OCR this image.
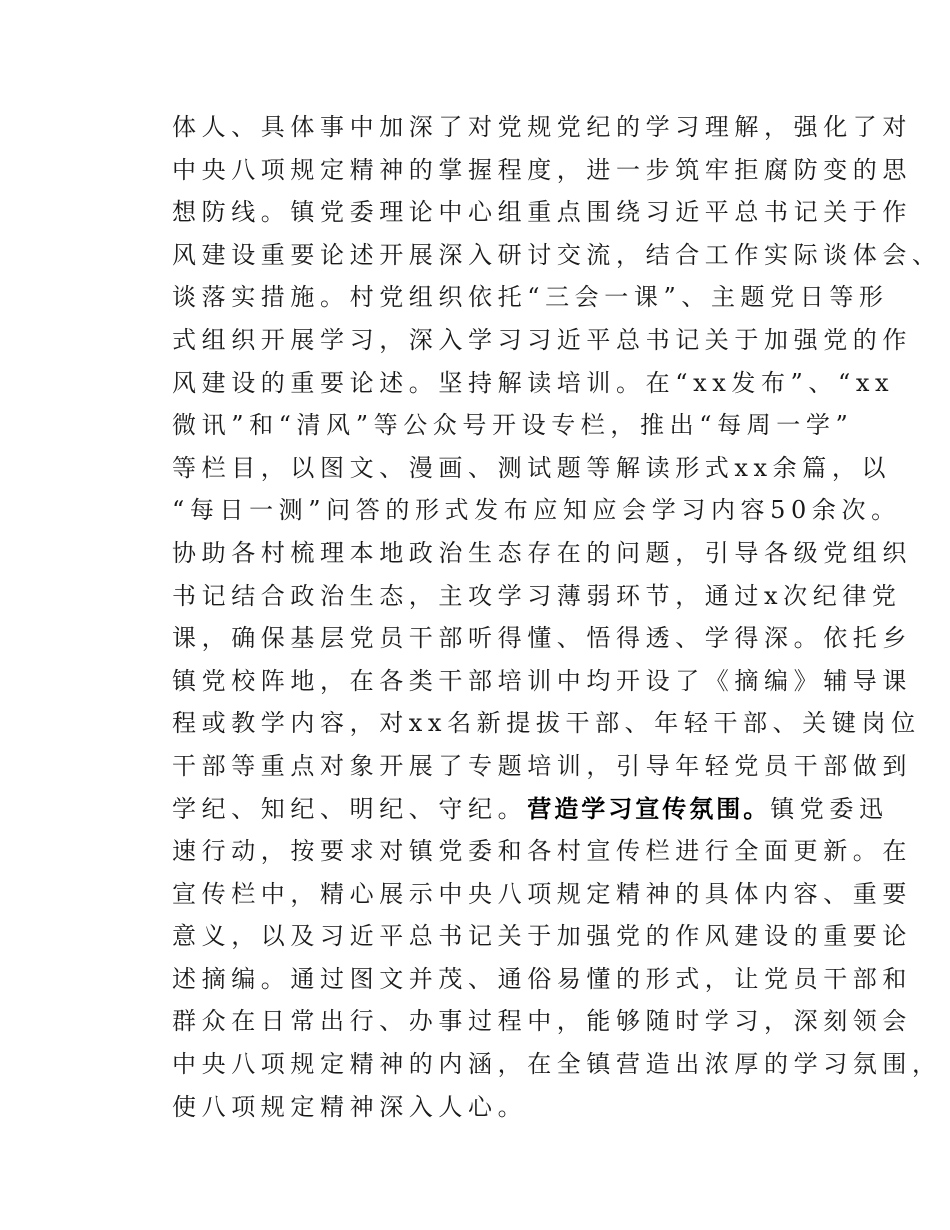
体人、具体事中加深了对党规党纪的学习理解，强化了对
中央八项规定精神的掌握程度，进一步筑牢拒腐防变的思
想防线。镇党委理论中心组重点围绕习近平总书记关于作
风建设重要论述开展深入研讨交流，结合工作实际谈体会、
谈落实措施。村党组织依托“三会一课”、主题党日等形
式组织开展学习，深入学习习近平总书记关于加强党的作
风建设的重要论述。坚持解读培训。在“xx发布”、“xx
微讯”和“清风”等公众号开设专栏，推出“每周一学”
等栏目，以图文、漫画、测试题等解读形式xx余篇，以
“每日一测”问答的形式发布应知应会学习内容50余次。
协助各村梳理本地政治生态存在的问题，引导各级党组织
书记结合政治生态，主攻学习薄弱环节，通过x次纪律党
课，确保基层党员干部听得懂、悟得透、学得深。依托乡
镇党校阵地，在各类干部培训中均开设了《摘编》辅导课
程或教学内容，对xx名新提拔干部、年轻干部、关键岗位
干部等重点对象开展了专题培训，引导年轻党员干部做到
学纪、知纪、明纪、守纪。营造学习宣传氛围。镇党委迅
速行动，按要求对镇党委和各村宣传栏进行全面更新。在
宣传栏中，精心展示中央八项规定精神的具体内容、重要
意义，以及习近平总书记关于加强党的作风建设的重要论
述摘编。通过图文并茂、通俗易懂的形式，让党员干部和
群众在日常出行、办事过程中，能够随时学习，深刻领会
中央八项规定精神的内涵，在全镇营造出浓厚的学习氛围，
使八项规定精神深入人心。
